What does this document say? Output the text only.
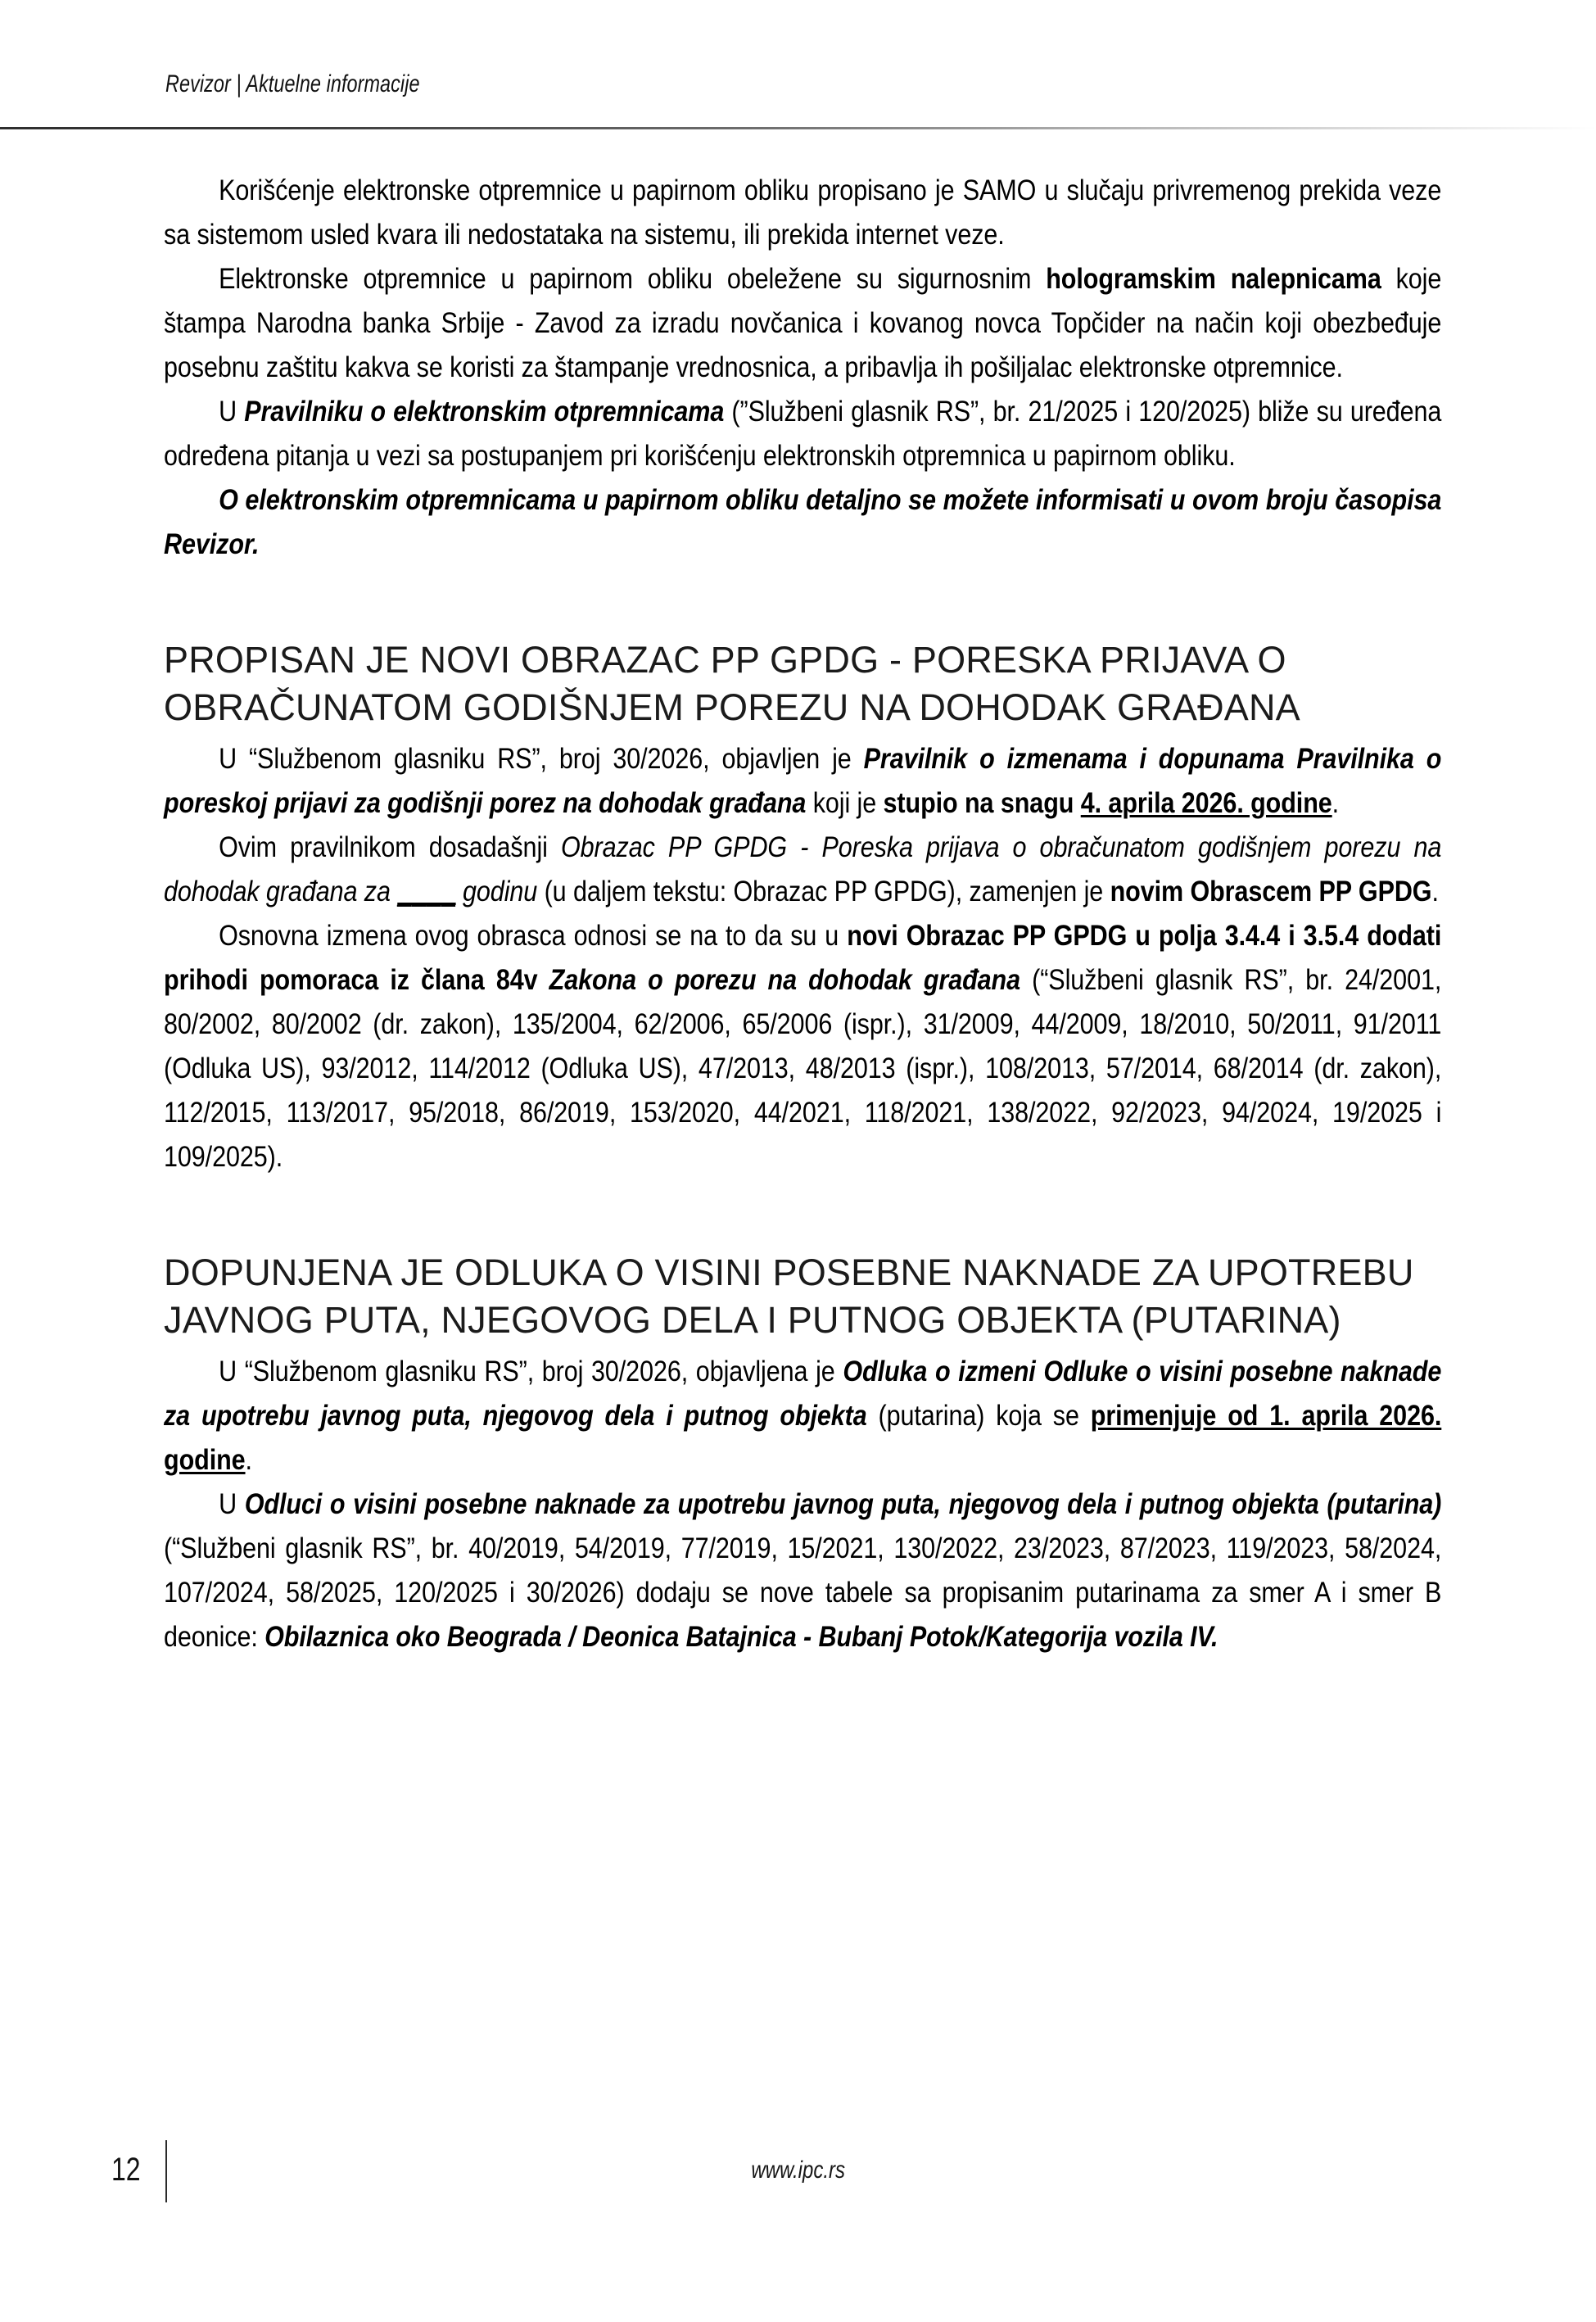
Revizor | Aktuelne informacije

Korišćenje elektronske otpremnice u papirnom obliku propisano je SAMO u slučaju privremenog prekida veze sa sistemom usled kvara ili nedostataka na sistemu, ili prekida internet veze.

Elektronske otpremnice u papirnom obliku obeležene su sigurnosnim hologramskim nalepnicama koje štampa Narodna banka Srbije - Zavod za izradu novčanica i kovanog novca Topčider na način koji obezbeđuje posebnu zaštitu kakva se koristi za štampanje vrednosnica, a pribavlja ih pošiljalac elektronske otpremnice.

U Pravilniku o elektronskim otpremnicama (”Službeni glasnik RS”, br. 21/2025 i 120/2025) bliže su uređena određena pitanja u vezi sa postupanjem pri korišćenju elektronskih otpremnica u papirnom obliku.

O elektronskim otpremnicama u papirnom obliku detaljno se možete informisati u ovom broju časopisa Revizor.

PROPISAN JE NOVI OBRAZAC PP GPDG - PORESKA PRIJAVA O OBRAČUNATOM GODIŠNJEM POREZU NA DOHODAK GRAĐANA

U “Službenom glasniku RS”, broj 30/2026, objavljen je Pravilnik o izmenama i dopunama Pravilnika o poreskoj prijavi za godišnji porez na dohodak građana koji je stupio na snagu 4. aprila 2026. godine.

Ovim pravilnikom dosadašnji Obrazac PP GPDG - Poreska prijava o obračunatom godišnjem porezu na dohodak građana za ____ godinu (u daljem tekstu: Obrazac PP GPDG), zamenjen je novim Obrascem PP GPDG.

Osnovna izmena ovog obrasca odnosi se na to da su u novi Obrazac PP GPDG u polja 3.4.4 i 3.5.4 dodati prihodi pomoraca iz člana 84v Zakona o porezu na dohodak građana (“Službeni glasnik RS”, br. 24/2001, 80/2002, 80/2002 (dr. zakon), 135/2004, 62/2006, 65/2006 (ispr.), 31/2009, 44/2009, 18/2010, 50/2011, 91/2011 (Odluka US), 93/2012, 114/2012 (Odluka US), 47/2013, 48/2013 (ispr.), 108/2013, 57/2014, 68/2014 (dr. zakon), 112/2015, 113/2017, 95/2018, 86/2019, 153/2020, 44/2021, 118/2021, 138/2022, 92/2023, 94/2024, 19/2025 i 109/2025).

DOPUNJENA JE ODLUKA O VISINI POSEBNE NAKNADE ZA UPOTREBU JAVNOG PUTA, NJEGOVOG DELA I PUTNOG OBJEKTA (PUTARINA)

U “Službenom glasniku RS”, broj 30/2026, objavljena je Odluka o izmeni Odluke o visini posebne naknade za upotrebu javnog puta, njegovog dela i putnog objekta (putarina) koja se primenjuje od 1. aprila 2026. godine.

U Odluci o visini posebne naknade za upotrebu javnog puta, njegovog dela i putnog objekta (putarina) (“Službeni glasnik RS”, br. 40/2019, 54/2019, 77/2019, 15/2021, 130/2022, 23/2023, 87/2023, 119/2023, 58/2024, 107/2024, 58/2025, 120/2025 i 30/2026) dodaju se nove tabele sa propisanim putarinama za smer A i smer B deonice: Obilaznica oko Beograda / Deonica Batajnica - Bubanj Potok/Kategorija vozila IV.

12	www.ipc.rs
